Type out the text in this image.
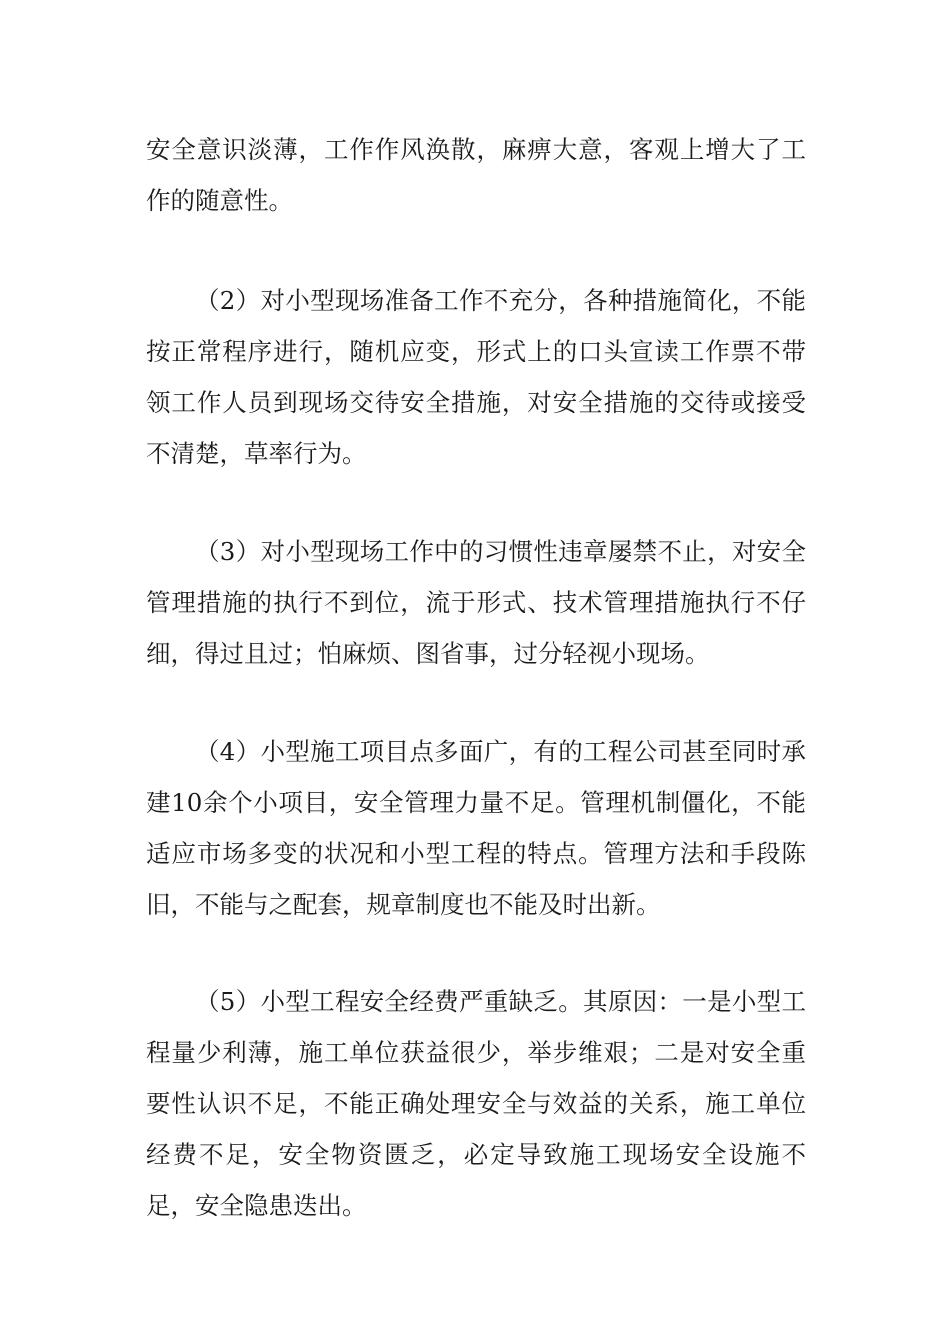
安全意识淡薄，工作作风涣散，麻痹大意，客观上增大了工作的随意性。

（2）对小型现场准备工作不充分，各种措施简化，不能按正常程序进行，随机应变，形式上的口头宣读工作票不带领工作人员到现场交待安全措施，对安全措施的交待或接受不清楚，草率行为。

（3）对小型现场工作中的习惯性违章屡禁不止，对安全管理措施的执行不到位，流于形式、技术管理措施执行不仔细，得过且过；怕麻烦、图省事，过分轻视小现场。

（4）小型施工项目点多面广，有的工程公司甚至同时承建10余个小项目，安全管理力量不足。管理机制僵化，不能适应市场多变的状况和小型工程的特点。管理方法和手段陈旧，不能与之配套，规章制度也不能及时出新。

（5）小型工程安全经费严重缺乏。其原因：一是小型工程量少利薄，施工单位获益很少，举步维艰；二是对安全重要性认识不足，不能正确处理安全与效益的关系，施工单位经费不足，安全物资匮乏，必定导致施工现场安全设施不足，安全隐患迭出。
